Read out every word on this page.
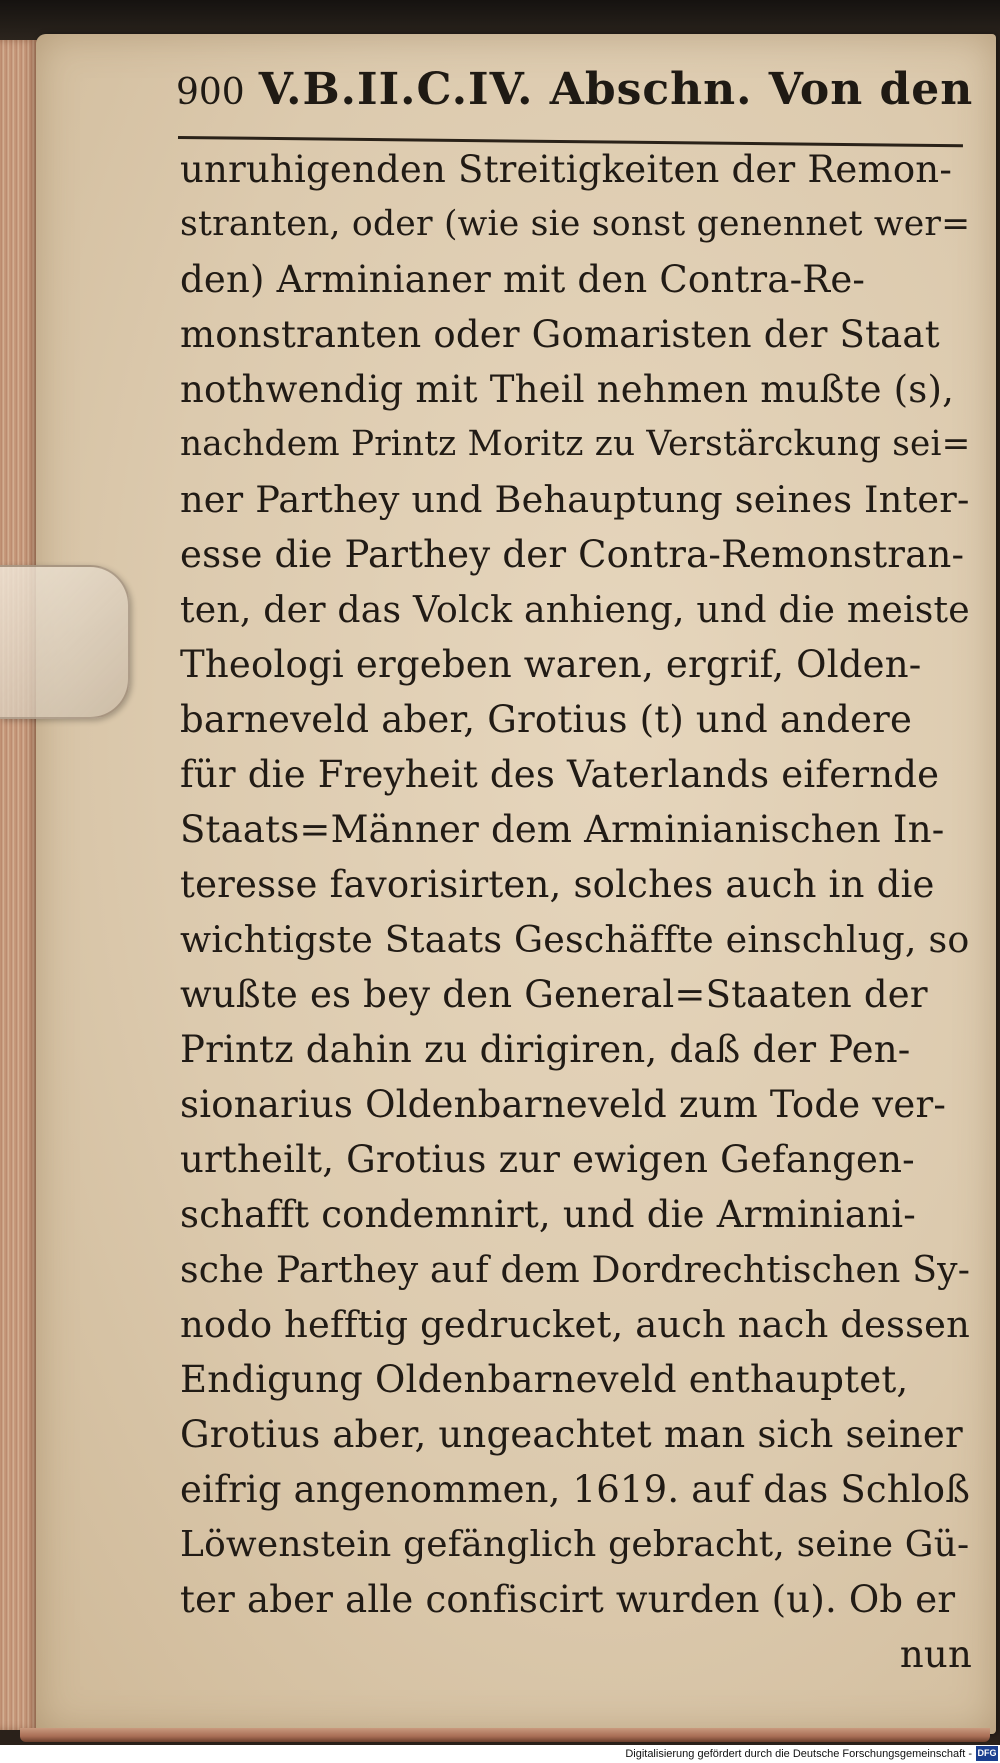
900 V.B.II.C.IV. Abschn. Von den
unruhigenden Streitigkeiten der Remon-
stranten, oder (wie sie sonst genennet wer=
den) Arminianer mit den Contra-Re-
monstranten oder Gomaristen der Staat
nothwendig mit Theil nehmen mußte (s),
nachdem Printz Moritz zu Verstärckung sei=
ner Parthey und Behauptung seines Inter-
esse die Parthey der Contra-Remonstran-
ten, der das Volck anhieng, und die meiste
Theologi ergeben waren, ergrif, Olden-
barneveld aber, Grotius (t) und andere
für die Freyheit des Vaterlands eifernde
Staats=Männer dem Arminianischen In-
teresse favorisirten, solches auch in die
wichtigste Staats Geschäffte einschlug, so
wußte es bey den General=Staaten der
Printz dahin zu dirigiren, daß der Pen-
sionarius Oldenbarneveld zum Tode ver-
urtheilt, Grotius zur ewigen Gefangen-
schafft condemnirt, und die Arminiani-
sche Parthey auf dem Dordrechtischen Sy-
nodo hefftig gedrucket, auch nach dessen
Endigung Oldenbarneveld enthauptet,
Grotius aber, ungeachtet man sich seiner
eifrig angenommen, 1619. auf das Schloß
Löwenstein gefänglich gebracht, seine Gü-
ter aber alle confiscirt wurden (u). Ob er
nun
Digitalisierung gefördert durch die Deutsche Forschungsgemeinschaft - DFG
